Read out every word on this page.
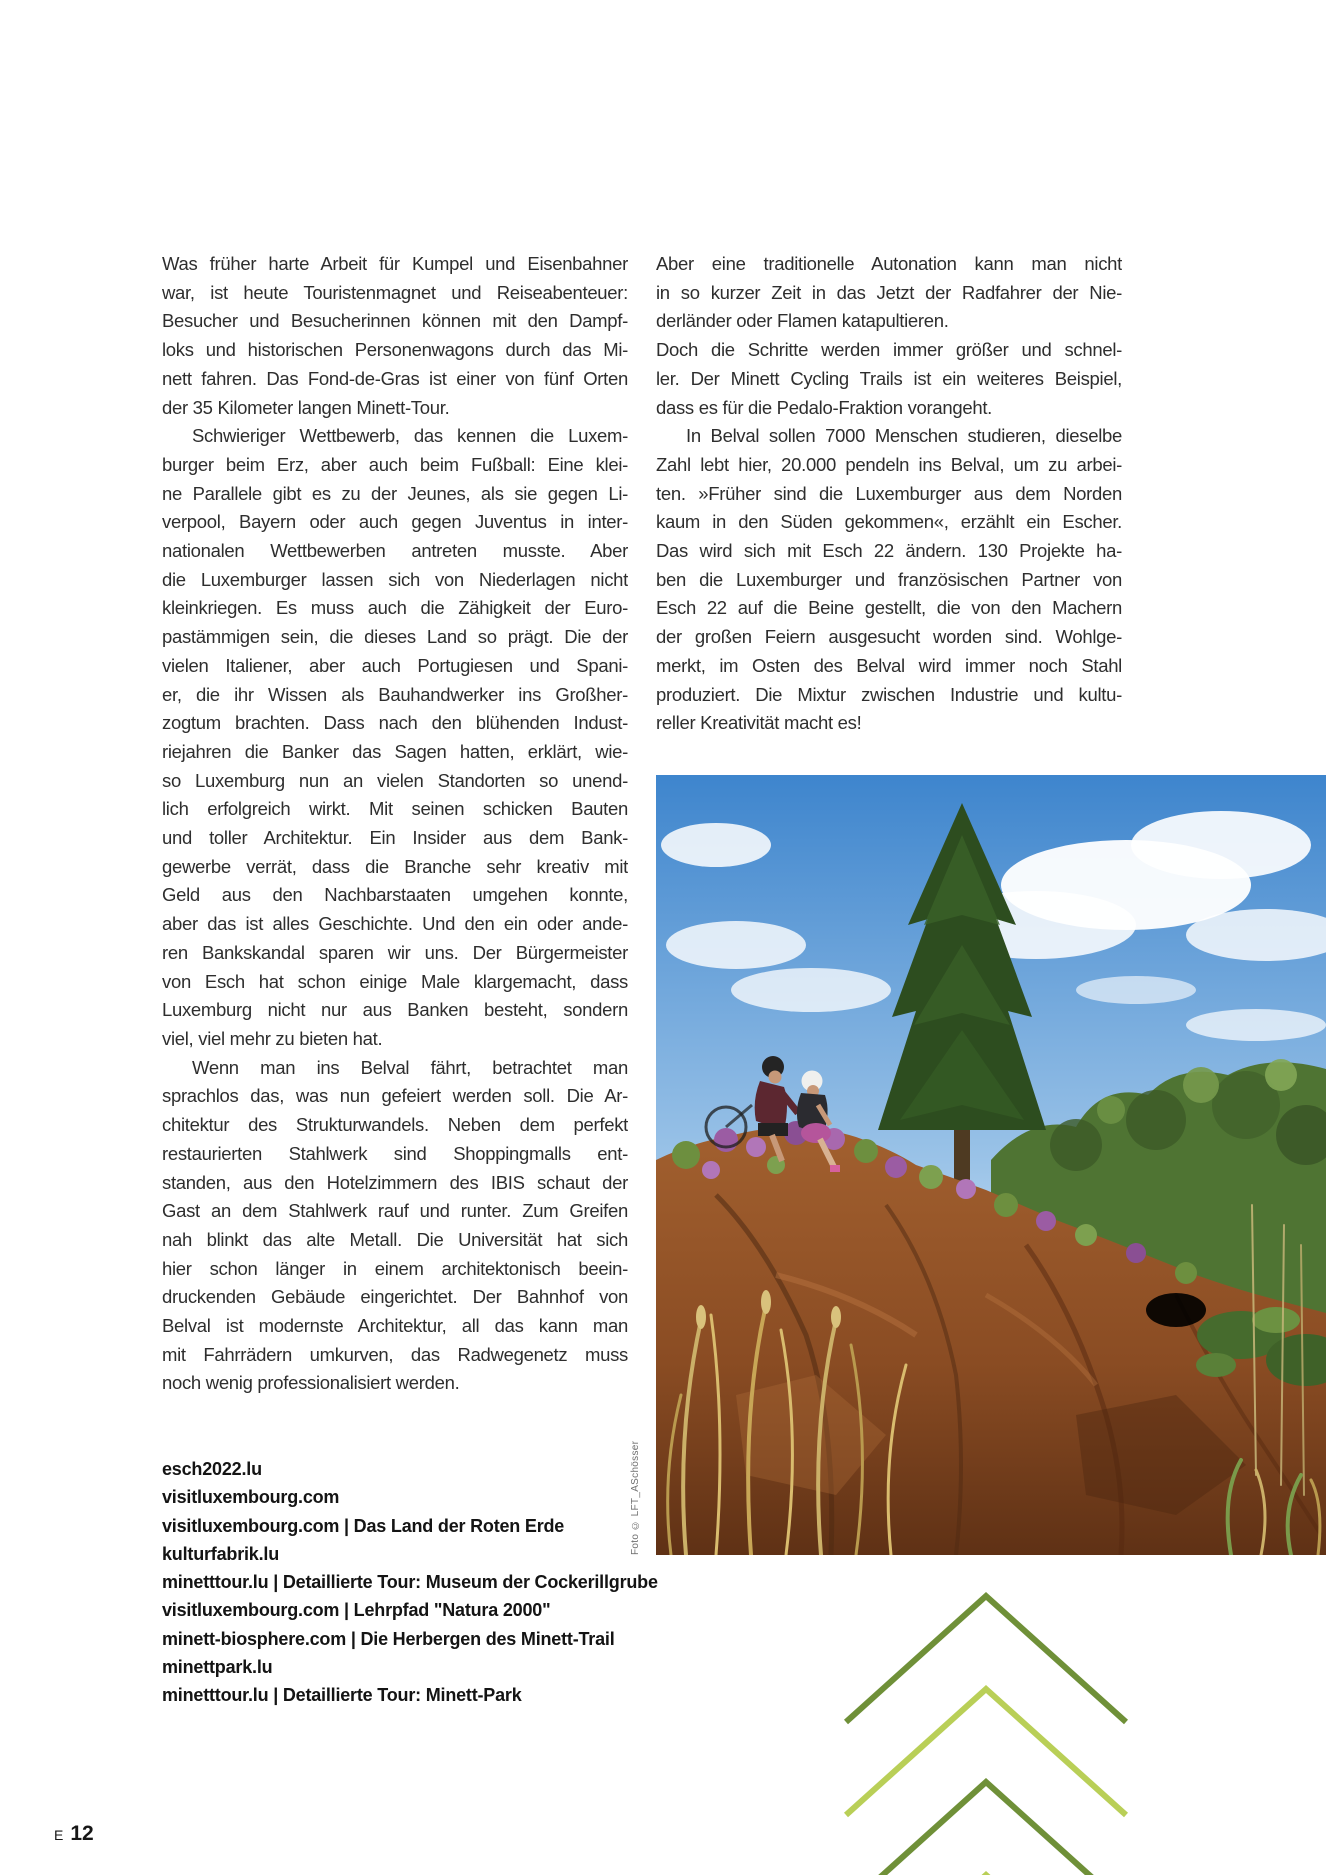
Was früher harte Arbeit für Kumpel und Eisenbahner
war, ist heute Touristenmagnet und Reiseabenteuer:
Besucher und Besucherinnen können mit den Dampf-
loks und historischen Personenwagons durch das Mi-
nett fahren. Das Fond-de-Gras ist einer von fünf Orten
der 35 Kilometer langen Minett-Tour.
Schwieriger Wettbewerb, das kennen die Luxem-
burger beim Erz, aber auch beim Fußball: Eine klei-
ne Parallele gibt es zu der Jeunes, als sie gegen Li-
verpool, Bayern oder auch gegen Juventus in inter-
nationalen Wettbewerben antreten musste. Aber
die Luxemburger lassen sich von Niederlagen nicht
kleinkriegen. Es muss auch die Zähigkeit der Euro-
pastämmigen sein, die dieses Land so prägt. Die der
vielen Italiener, aber auch Portugiesen und Spani-
er, die ihr Wissen als Bauhandwerker ins Großher-
zogtum brachten. Dass nach den blühenden Indust-
riejahren die Banker das Sagen hatten, erklärt, wie-
so Luxemburg nun an vielen Standorten so unend-
lich erfolgreich wirkt. Mit seinen schicken Bauten
und toller Architektur. Ein Insider aus dem Bank-
gewerbe verrät, dass die Branche sehr kreativ mit
Geld aus den Nachbarstaaten umgehen konnte,
aber das ist alles Geschichte. Und den ein oder ande-
ren Bankskandal sparen wir uns. Der Bürgermeister
von Esch hat schon einige Male klargemacht, dass
Luxemburg nicht nur aus Banken besteht, sondern
viel, viel mehr zu bieten hat.
Wenn man ins Belval fährt, betrachtet man
sprachlos das, was nun gefeiert werden soll. Die Ar-
chitektur des Strukturwandels. Neben dem perfekt
restaurierten Stahlwerk sind Shoppingmalls ent-
standen, aus den Hotelzimmern des IBIS schaut der
Gast an dem Stahlwerk rauf und runter. Zum Greifen
nah blinkt das alte Metall. Die Universität hat sich
hier schon länger in einem architektonisch beein-
druckenden Gebäude eingerichtet. Der Bahnhof von
Belval ist modernste Architektur, all das kann man
mit Fahrrädern umkurven, das Radwegenetz muss
noch wenig professionalisiert werden.
Aber eine traditionelle Autonation kann man nicht
in so kurzer Zeit in das Jetzt der Radfahrer der Nie-
derländer oder Flamen katapultieren.
Doch die Schritte werden immer größer und schnel-
ler. Der Minett Cycling Trails ist ein weiteres Beispiel,
dass es für die Pedalo-Fraktion vorangeht.
In Belval sollen 7000 Menschen studieren, dieselbe
Zahl lebt hier, 20.000 pendeln ins Belval, um zu arbei-
ten. »Früher sind die Luxemburger aus dem Norden
kaum in den Süden gekommen«, erzählt ein Escher.
Das wird sich mit Esch 22 ändern. 130 Projekte ha-
ben die Luxemburger und französischen Partner von
Esch 22 auf die Beine gestellt, die von den Machern
der großen Feiern ausgesucht worden sind. Wohlge-
merkt, im Osten des Belval wird immer noch Stahl
produziert. Die Mixtur zwischen Industrie und kultu-
reller Kreativität macht es!
Foto © LFT_ASchösser
esch2022.lu
visitluxembourg.com
visitluxembourg.com | Das Land der Roten Erde
kulturfabrik.lu
minetttour.lu | Detaillierte Tour: Museum der Cockerillgrube
visitluxembourg.com | Lehrpfad "Natura 2000"
minett-biosphere.com | Die Herbergen des Minett-Trail
minettpark.lu
minetttour.lu | Detaillierte Tour: Minett-Park
E 12
